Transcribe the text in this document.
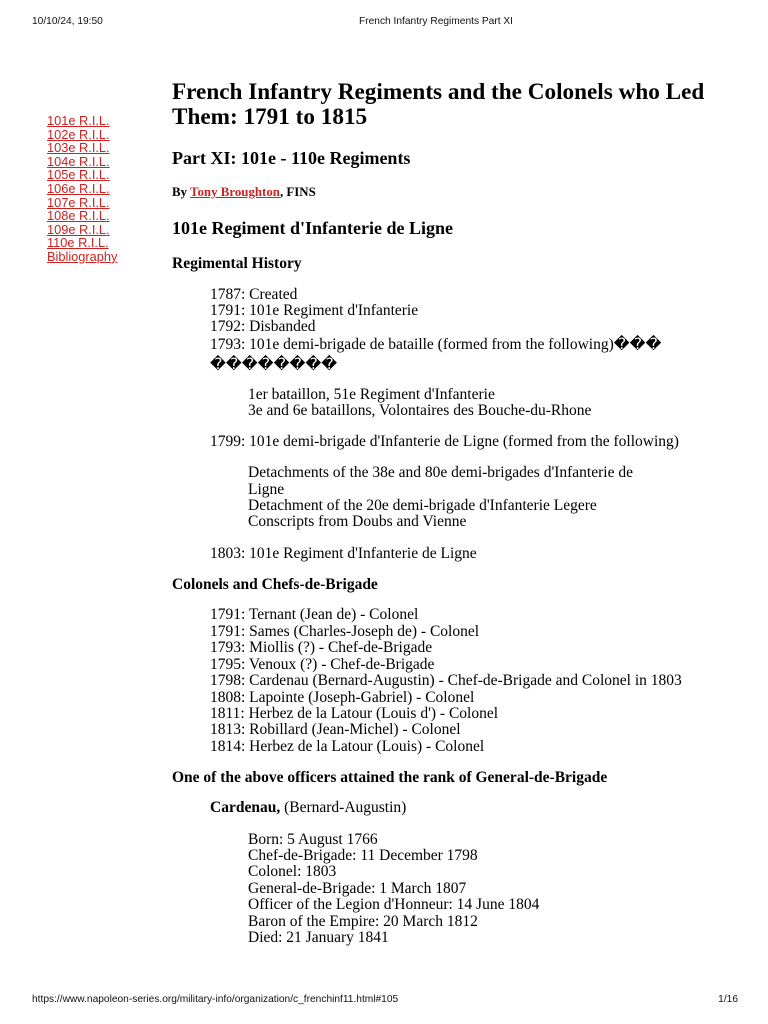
10/10/24, 19:50	French Infantry Regiments Part XI
101e R.I.L.
102e R.I.L.
103e R.I.L.
104e R.I.L.
105e R.I.L.
106e R.I.L.
107e R.I.L.
108e R.I.L.
109e R.I.L.
110e R.I.L.
Bibliography
French Infantry Regiments and the Colonels who Led Them: 1791 to 1815
Part XI: 101e - 110e Regiments
By Tony Broughton, FINS
101e Regiment d'Infanterie de Ligne
Regimental History
1787: Created
1791: 101e Regiment d'Infanterie
1792: Disbanded
1793: 101e demi-brigade de bataille (formed from the following)���
��������
1er bataillon, 51e Regiment d'Infanterie
3e and 6e bataillons, Volontaires des Bouche-du-Rhone
1799: 101e demi-brigade d'Infanterie de Ligne (formed from the following)
Detachments of the 38e and 80e demi-brigades d'Infanterie de Ligne
Detachment of the 20e demi-brigade d'Infanterie Legere
Conscripts from Doubs and Vienne
1803: 101e Regiment d'Infanterie de Ligne
Colonels and Chefs-de-Brigade
1791: Ternant (Jean de) - Colonel
1791: Sames (Charles-Joseph de) - Colonel
1793: Miollis (?) - Chef-de-Brigade
1795: Venoux (?) - Chef-de-Brigade
1798: Cardenau (Bernard-Augustin) - Chef-de-Brigade and Colonel in 1803
1808: Lapointe (Joseph-Gabriel) - Colonel
1811: Herbez de la Latour (Louis d') - Colonel
1813: Robillard (Jean-Michel) - Colonel
1814: Herbez de la Latour (Louis) - Colonel
One of the above officers attained the rank of General-de-Brigade
Cardenau, (Bernard-Augustin)
Born: 5 August 1766
Chef-de-Brigade: 11 December 1798
Colonel: 1803
General-de-Brigade: 1 March 1807
Officer of the Legion d'Honneur: 14 June 1804
Baron of the Empire: 20 March 1812
Died: 21 January 1841
https://www.napoleon-series.org/military-info/organization/c_frenchinf11.html#105	1/16
